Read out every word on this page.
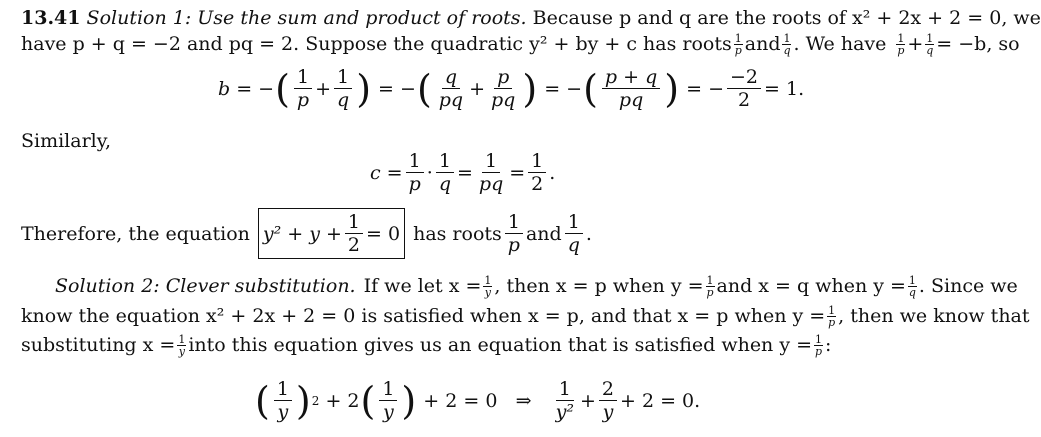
13.41 Solution 1: Use the sum and product of roots. Because p and q are the roots of x² + 2x + 2 = 0, we
have p + q = −2 and pq = 2. Suppose the quadratic y² + by + c has roots $\frac{1}{p}$ and $\frac{1}{q}$ . We have $\frac{1}{p} + \frac{1}{q} = -b$, so
b = − ( $\frac{1}{p} + \frac{1}{q}$ ) = − ( $\frac{q}{pq} + \frac{p}{pq}$ ) = − ( $\frac{p + q}{pq}$ ) = − $\frac{-2}{2} = 1$.
Similarly,
$c = \frac{1}{p} \cdot \frac{1}{q} = \frac{1}{pq} = \frac{1}{2}$ .
Therefore, the equation $y^2 + y + \frac{1}{2} = 0$ has roots $\frac{1}{p}$ and $\frac{1}{q}$ .
Solution 2: Clever substitution. If we let $x = \frac{1}{y}$ , then x = p when $y = \frac{1}{p}$ and x = q when $y = \frac{1}{q}$ . Since we
know the equation x² + 2x + 2 = 0 is satisfied when x = p, and that x = p when $y = \frac{1}{p}$ , then we know that
substituting $x = \frac{1}{y}$ into this equation gives us an equation that is satisfied when $y = \frac{1}{p}$ :
( $\frac{1}{y}$ ) 2
+ 2 ( $\frac{1}{y}$ )
+ 2 = 0
⇒
$\frac{1}{\text{y²}} + \frac{2}{y} + 2 = 0$.
